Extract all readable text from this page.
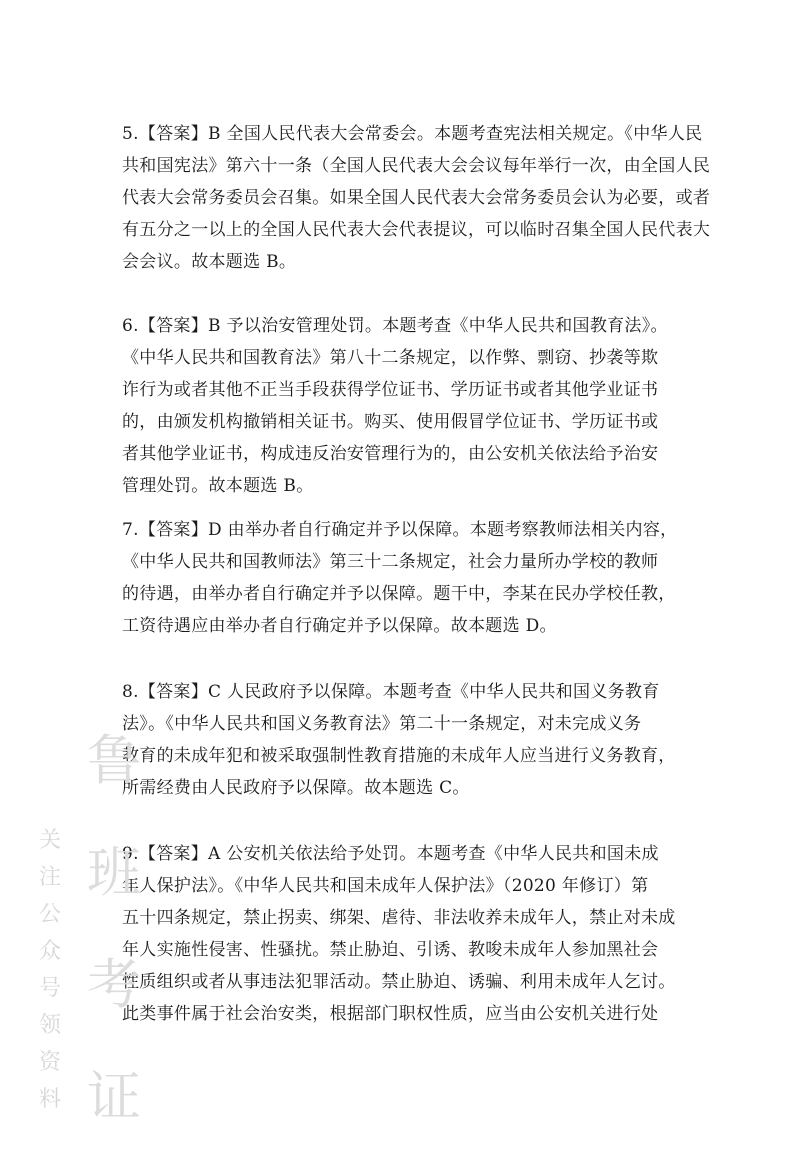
5.【答案】B 全国人民代表大会常委会。本题考查宪法相关规定。《中华人民
共和国宪法》第六十一条（全国人民代表大会会议每年举行一次，由全国人民
代表大会常务委员会召集。如果全国人民代表大会常务委员会认为必要，或者
有五分之一以上的全国人民代表大会代表提议，可以临时召集全国人民代表大
会会议。故本题选 B。
6.【答案】B 予以治安管理处罚。本题考查《中华人民共和国教育法》。
《中华人民共和国教育法》第八十二条规定，以作弊、剽窃、抄袭等欺
诈行为或者其他不正当手段获得学位证书、学历证书或者其他学业证书
的，由颁发机构撤销相关证书。购买、使用假冒学位证书、学历证书或
者其他学业证书，构成违反治安管理行为的，由公安机关依法给予治安
管理处罚。故本题选 B。
7.【答案】D 由举办者自行确定并予以保障。本题考察教师法相关内容，
《中华人民共和国教师法》第三十二条规定，社会力量所办学校的教师
的待遇，由举办者自行确定并予以保障。题干中，李某在民办学校任教，
工资待遇应由举办者自行确定并予以保障。故本题选 D。
8.【答案】C 人民政府予以保障。本题考查《中华人民共和国义务教育
法》。《中华人民共和国义务教育法》第二十一条规定，对未完成义务
教育的未成年犯和被采取强制性教育措施的未成年人应当进行义务教育，
所需经费由人民政府予以保障。故本题选 C。
9.【答案】A 公安机关依法给予处罚。本题考查《中华人民共和国未成
年人保护法》。《中华人民共和国未成年人保护法》（2020 年修订）第
五十四条规定，禁止拐卖、绑架、虐待、非法收养未成年人，禁止对未成
年人实施性侵害、性骚扰。禁止胁迫、引诱、教唆未成年人参加黑社会
性质组织或者从事违法犯罪活动。禁止胁迫、诱骗、利用未成年人乞讨。
此类事件属于社会治安类，根据部门职权性质，应当由公安机关进行处
鲁
班
考
证
关
注
公
众
号
领
资
料
